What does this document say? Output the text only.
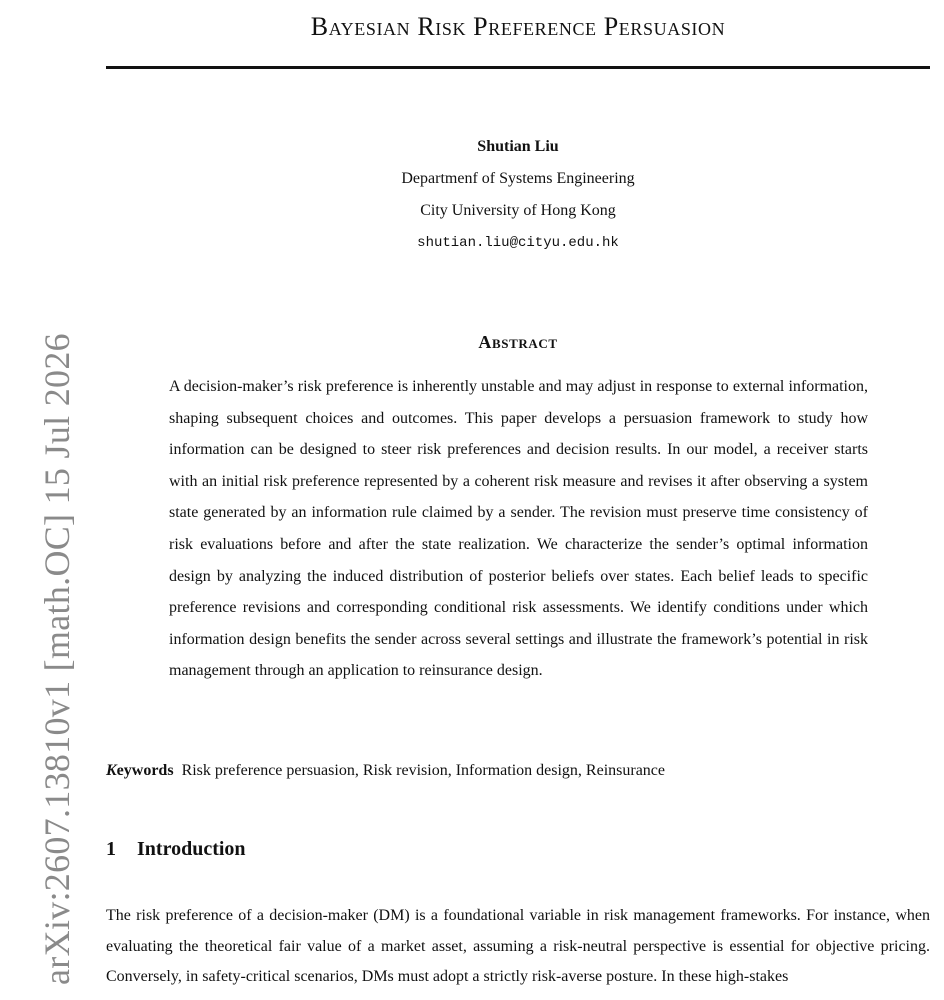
arXiv:2607.13810v1 [math.OC] 15 Jul 2026
Bayesian Risk Preference Persuasion
Shutian Liu
Departmenf of Systems Engineering
City University of Hong Kong
shutian.liu@cityu.edu.hk
Abstract
A decision-maker’s risk preference is inherently unstable and may adjust in response to external information, shaping subsequent choices and outcomes. This paper develops a persuasion framework to study how information can be designed to steer risk preferences and decision results. In our model, a receiver starts with an initial risk preference represented by a coherent risk measure and revises it after observing a system state generated by an information rule claimed by a sender. The revision must preserve time consistency of risk evaluations before and after the state realization. We characterize the sender’s optimal information design by analyzing the induced distribution of posterior beliefs over states. Each belief leads to specific preference revisions and corresponding conditional risk assessments. We identify conditions under which information design benefits the sender across several settings and illustrate the framework’s potential in risk management through an application to reinsurance design.
Keywords Risk preference persuasion, Risk revision, Information design, Reinsurance
1 Introduction
The risk preference of a decision-maker (DM) is a foundational variable in risk management frameworks. For instance, when evaluating the theoretical fair value of a market asset, assuming a risk-neutral perspective is essential for objective pricing. Conversely, in safety-critical scenarios, DMs must adopt a strictly risk-averse posture. In these high-stakes
